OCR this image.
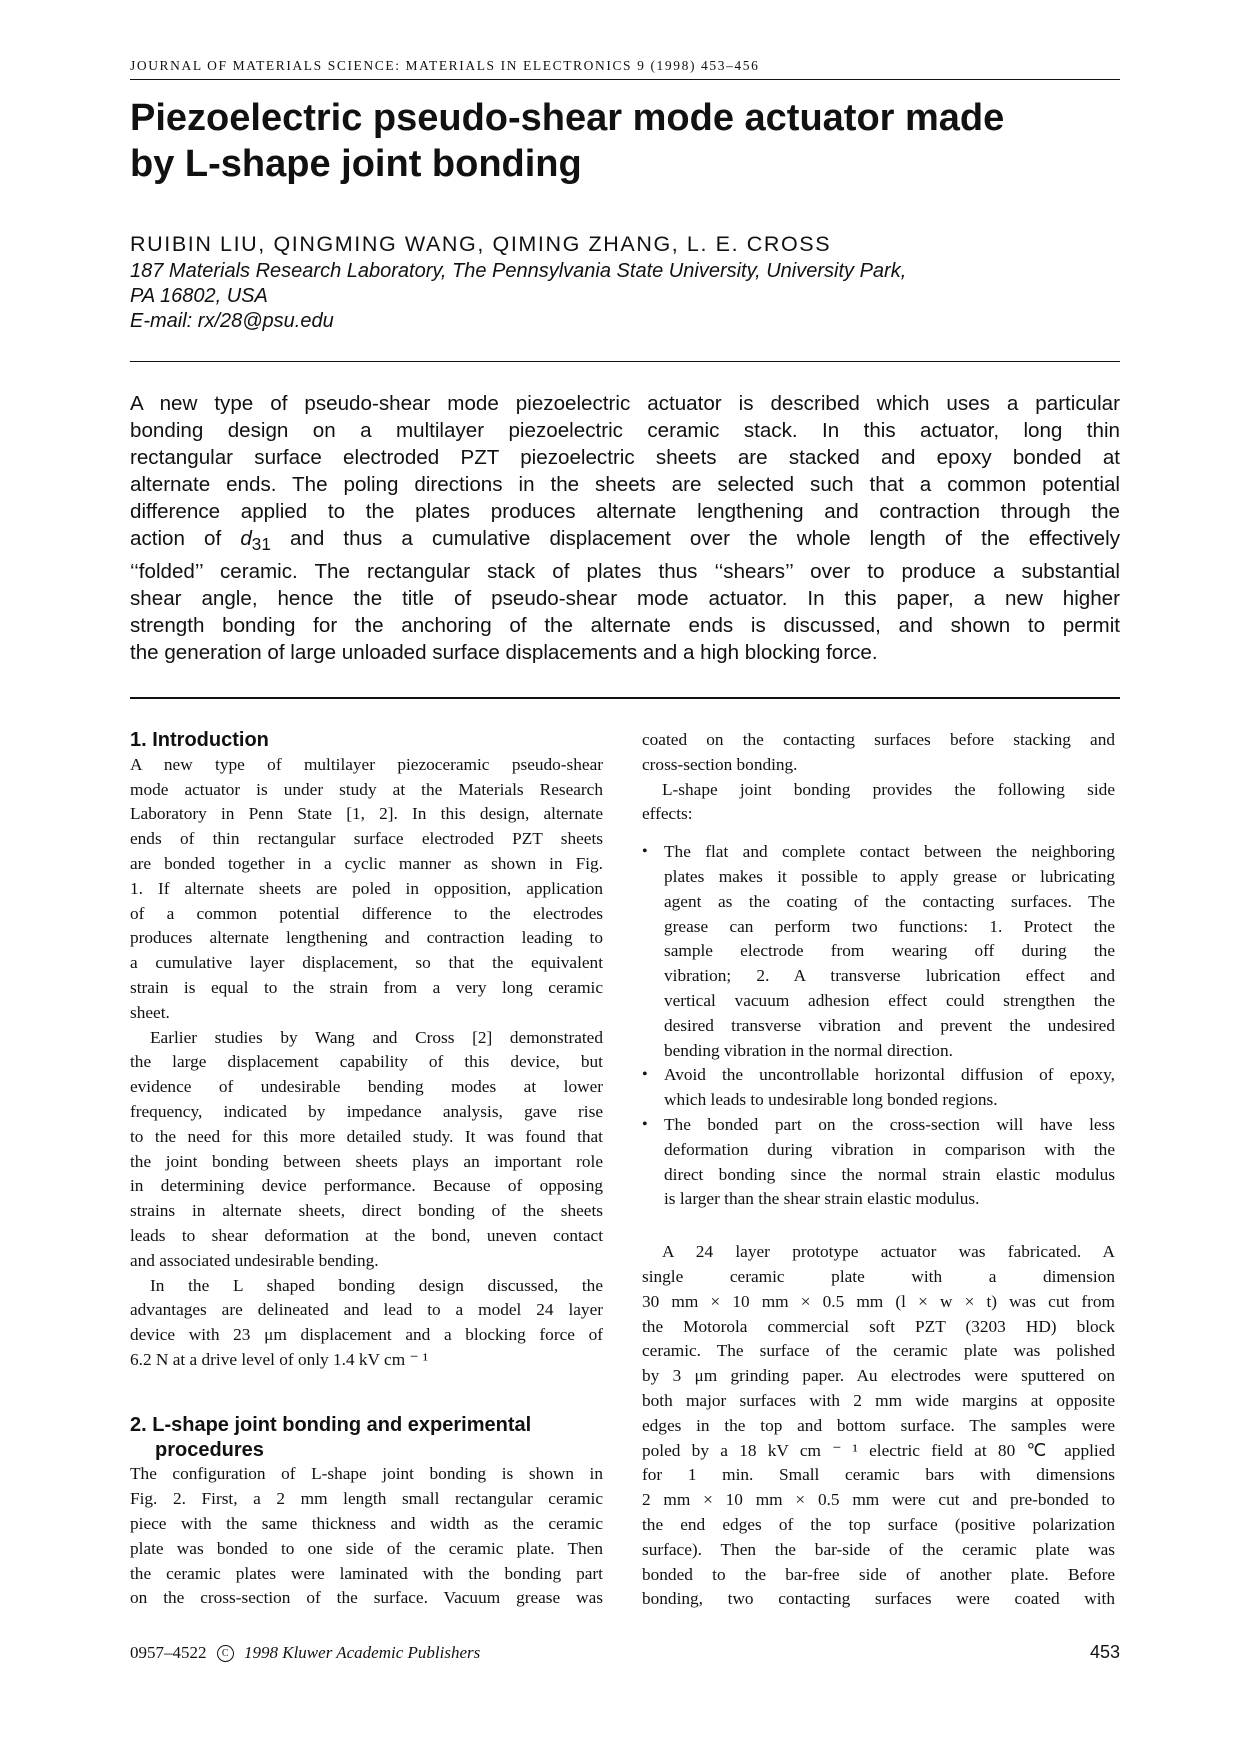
JOURNAL OF MATERIALS SCIENCE: MATERIALS IN ELECTRONICS 9 (1998) 453–456
Piezoelectric pseudo-shear mode actuator made
by L-shape joint bonding
RUIBIN LIU, QINGMING WANG, QIMING ZHANG, L. E. CROSS
187 Materials Research Laboratory, The Pennsylvania State University, University Park,
PA 16802, USA
E-mail: rx/28@psu.edu
A new type of pseudo-shear mode piezoelectric actuator is described which uses a particular
bonding design on a multilayer piezoelectric ceramic stack. In this actuator, long thin
rectangular surface electroded PZT piezoelectric sheets are stacked and epoxy bonded at
alternate ends. The poling directions in the sheets are selected such that a common potential
difference applied to the plates produces alternate lengthening and contraction through the
action of $d_{31}$ and thus a cumulative displacement over the whole length of the effectively
‘‘folded’’ ceramic. The rectangular stack of plates thus ‘‘shears’’ over to produce a substantial
shear angle, hence the title of pseudo-shear mode actuator. In this paper, a new higher
strength bonding for the anchoring of the alternate ends is discussed, and shown to permit
the generation of large unloaded surface displacements and a high blocking force.
1. Introduction
A new type of multilayer piezoceramic pseudo-shear
mode actuator is under study at the Materials Research
Laboratory in Penn State [1, 2]. In this design, alternate
ends of thin rectangular surface electroded PZT sheets
are bonded together in a cyclic manner as shown in Fig.
1. If alternate sheets are poled in opposition, application
of a common potential difference to the electrodes
produces alternate lengthening and contraction leading to
a cumulative layer displacement, so that the equivalent
strain is equal to the strain from a very long ceramic
sheet.
Earlier studies by Wang and Cross [2] demonstrated
the large displacement capability of this device, but
evidence of undesirable bending modes at lower
frequency, indicated by impedance analysis, gave rise
to the need for this more detailed study. It was found that
the joint bonding between sheets plays an important role
in determining device performance. Because of opposing
strains in alternate sheets, direct bonding of the sheets
leads to shear deformation at the bond, uneven contact
and associated undesirable bending.
In the L shaped bonding design discussed, the
advantages are delineated and lead to a model 24 layer
device with 23 μm displacement and a blocking force of
6.2 N at a drive level of only 1.4 kV cm ⁻ ¹
2. L-shape joint bonding and experimental
procedures
The configuration of L-shape joint bonding is shown in
Fig. 2. First, a 2 mm length small rectangular ceramic
piece with the same thickness and width as the ceramic
plate was bonded to one side of the ceramic plate. Then
the ceramic plates were laminated with the bonding part
on the cross-section of the surface. Vacuum grease was
coated on the contacting surfaces before stacking and
cross-section bonding.
L-shape joint bonding provides the following side
effects:
• The flat and complete contact between the neighboring
plates makes it possible to apply grease or lubricating
agent as the coating of the contacting surfaces. The
grease can perform two functions: 1. Protect the
sample electrode from wearing off during the
vibration; 2. A transverse lubrication effect and
vertical vacuum adhesion effect could strengthen the
desired transverse vibration and prevent the undesired
bending vibration in the normal direction.
• Avoid the uncontrollable horizontal diffusion of epoxy,
which leads to undesirable long bonded regions.
• The bonded part on the cross-section will have less
deformation during vibration in comparison with the
direct bonding since the normal strain elastic modulus
is larger than the shear strain elastic modulus.
A 24 layer prototype actuator was fabricated. A
single ceramic plate with a dimension
30 mm × 10 mm × 0.5 mm (l × w × t) was cut from
the Motorola commercial soft PZT (3203 HD) block
ceramic. The surface of the ceramic plate was polished
by 3 μm grinding paper. Au electrodes were sputtered on
both major surfaces with 2 mm wide margins at opposite
edges in the top and bottom surface. The samples were
poled by a 18 kV cm ⁻ ¹ electric field at 80 ℃ applied
for 1 min. Small ceramic bars with dimensions
2 mm × 10 mm × 0.5 mm were cut and pre-bonded to
the end edges of the top surface (positive polarization
surface). Then the bar-side of the ceramic plate was
bonded to the bar-free side of another plate. Before
bonding, two contacting surfaces were coated with
0957–4522 C 1998 Kluwer Academic Publishers	453
